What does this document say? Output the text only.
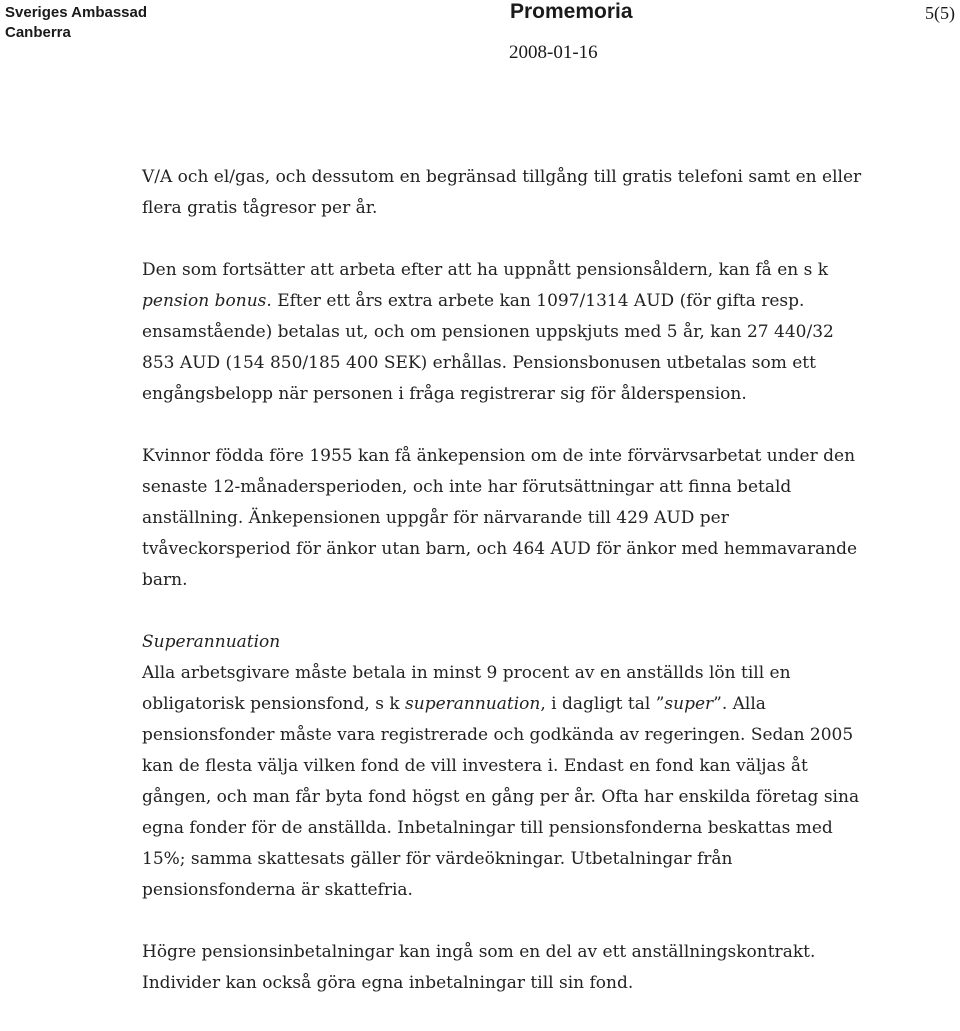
Sveriges Ambassad
Canberra
Promemoria	5(5)
2008-01-16

V/A och el/gas, och dessutom en begränsad tillgång till gratis telefoni samt en eller flera gratis tågresor per år.

Den som fortsätter att arbeta efter att ha uppnått pensionsåldern, kan få en s k pension bonus. Efter ett års extra arbete kan 1097/1314 AUD (för gifta resp. ensamstående) betalas ut, och om pensionen uppskjuts med 5 år, kan 27 440/32 853 AUD (154 850/185 400 SEK) erhållas. Pensionsbonusen utbetalas som ett engångsbelopp när personen i fråga registrerar sig för ålderspension.

Kvinnor födda före 1955 kan få änkepension om de inte förvärvsarbetat under den senaste 12-månadersperioden, och inte har förutsättningar att finna betald anställning. Änkepensionen uppgår för närvarande till 429 AUD per tvåveckorsperiod för änkor utan barn, och 464 AUD för änkor med hemmavarande barn.

Superannuation

Alla arbetsgivare måste betala in minst 9 procent av en anställds lön till en obligatorisk pensionsfond, s k superannuation, i dagligt tal ”super”. Alla pensionsfonder måste vara registrerade och godkända av regeringen. Sedan 2005 kan de flesta välja vilken fond de vill investera i. Endast en fond kan väljas åt gången, och man får byta fond högst en gång per år. Ofta har enskilda företag sina egna fonder för de anställda. Inbetalningar till pensionsfonderna beskattas med 15%; samma skattesats gäller för värdeökningar. Utbetalningar från pensionsfonderna är skattefria.

Högre pensionsinbetalningar kan ingå som en del av ett anställningskontrakt. Individer kan också göra egna inbetalningar till sin fond.
